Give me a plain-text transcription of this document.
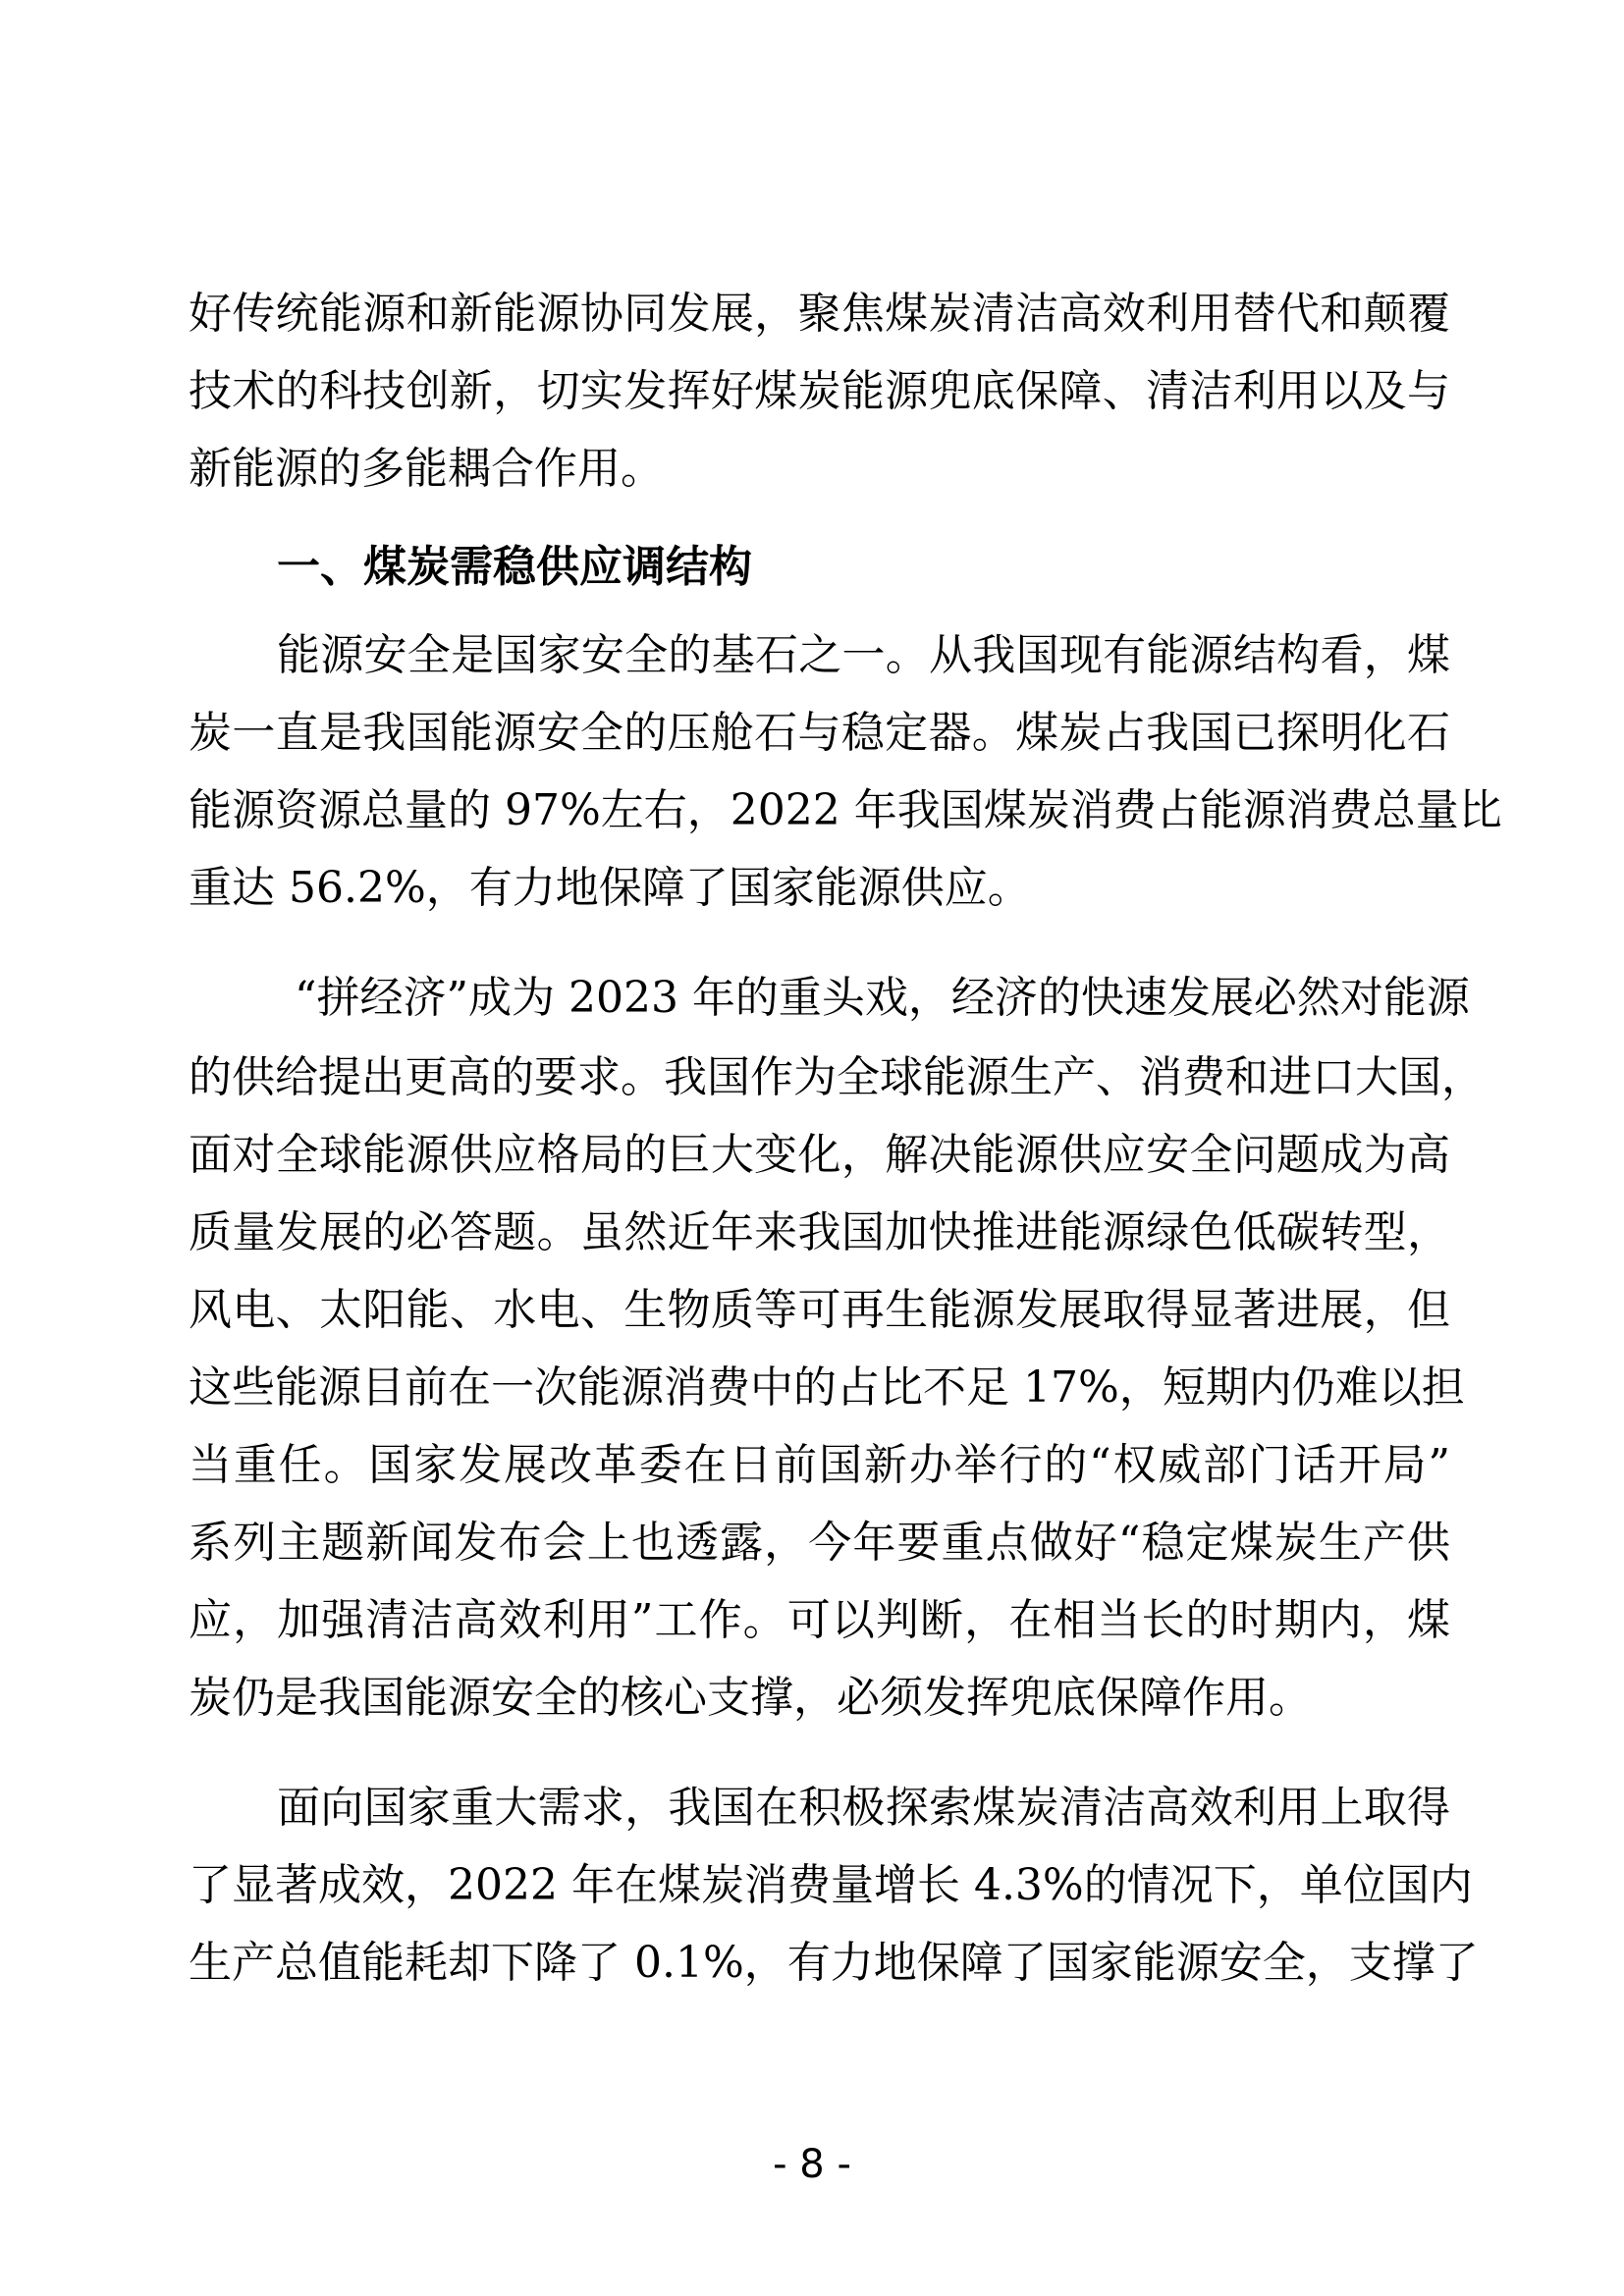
好传统能源和新能源协同发展，聚焦煤炭清洁高效利用替代和颠覆
技术的科技创新，切实发挥好煤炭能源兜底保障、清洁利用以及与
新能源的多能耦合作用。
一、煤炭需稳供应调结构
能源安全是国家安全的基石之一。从我国现有能源结构看，煤
炭一直是我国能源安全的压舱石与稳定器。煤炭占我国已探明化石
能源资源总量的 97%左右，2022 年我国煤炭消费占能源消费总量比
重达 56.2%，有力地保障了国家能源供应。
“拼经济”成为 2023 年的重头戏，经济的快速发展必然对能源
的供给提出更高的要求。我国作为全球能源生产、消费和进口大国，
面对全球能源供应格局的巨大变化，解决能源供应安全问题成为高
质量发展的必答题。虽然近年来我国加快推进能源绿色低碳转型，
风电、太阳能、水电、生物质等可再生能源发展取得显著进展，但
这些能源目前在一次能源消费中的占比不足 17%，短期内仍难以担
当重任。国家发展改革委在日前国新办举行的“权威部门话开局”
系列主题新闻发布会上也透露，今年要重点做好“稳定煤炭生产供
应，加强清洁高效利用”工作。可以判断，在相当长的时期内，煤
炭仍是我国能源安全的核心支撑，必须发挥兜底保障作用。
面向国家重大需求，我国在积极探索煤炭清洁高效利用上取得
了显著成效，2022 年在煤炭消费量增长 4.3%的情况下，单位国内
生产总值能耗却下降了 0.1%，有力地保障了国家能源安全，支撑了
- 8 -
